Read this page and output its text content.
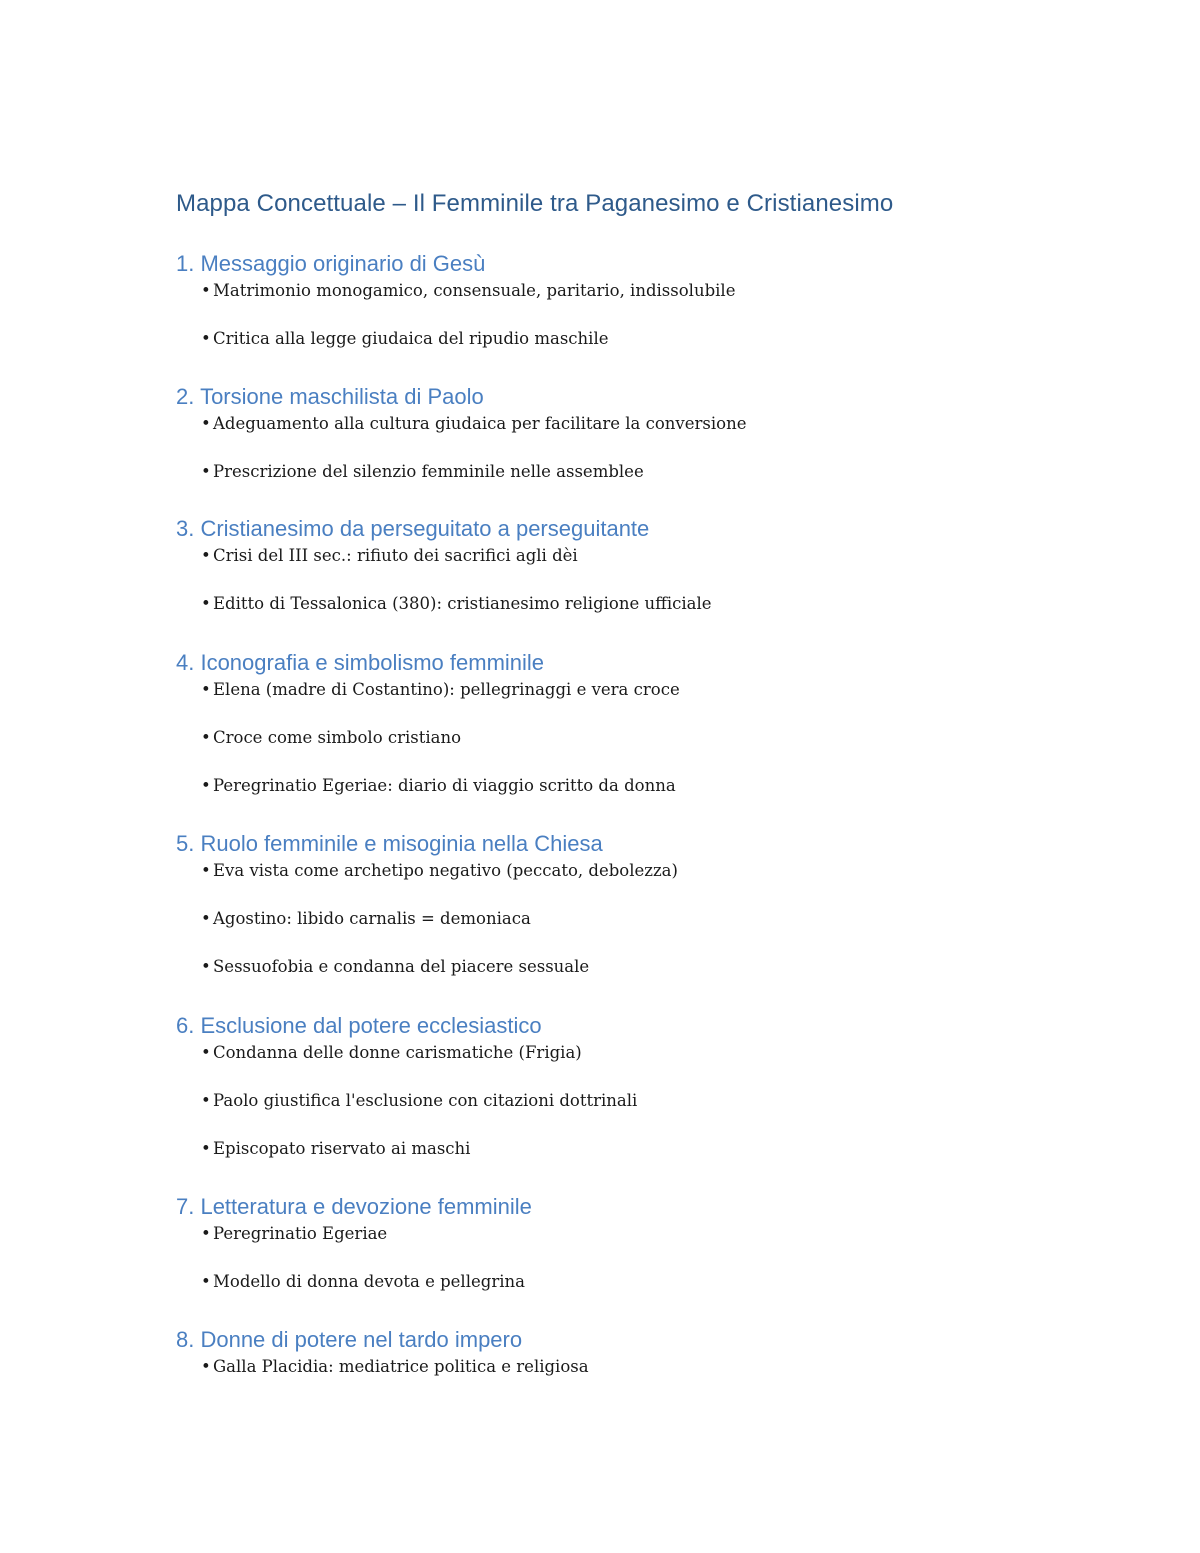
Mappa Concettuale – Il Femminile tra Paganesimo e Cristianesimo
1. Messaggio originario di Gesù
• Matrimonio monogamico, consensuale, paritario, indissolubile
• Critica alla legge giudaica del ripudio maschile
2. Torsione maschilista di Paolo
• Adeguamento alla cultura giudaica per facilitare la conversione
• Prescrizione del silenzio femminile nelle assemblee
3. Cristianesimo da perseguitato a perseguitante
• Crisi del III sec.: rifiuto dei sacrifici agli dèi
• Editto di Tessalonica (380): cristianesimo religione ufficiale
4. Iconografia e simbolismo femminile
• Elena (madre di Costantino): pellegrinaggi e vera croce
• Croce come simbolo cristiano
• Peregrinatio Egeriae: diario di viaggio scritto da donna
5. Ruolo femminile e misoginia nella Chiesa
• Eva vista come archetipo negativo (peccato, debolezza)
• Agostino: libido carnalis = demoniaca
• Sessuofobia e condanna del piacere sessuale
6. Esclusione dal potere ecclesiastico
• Condanna delle donne carismatiche (Frigia)
• Paolo giustifica l'esclusione con citazioni dottrinali
• Episcopato riservato ai maschi
7. Letteratura e devozione femminile
• Peregrinatio Egeriae
• Modello di donna devota e pellegrina
8. Donne di potere nel tardo impero
• Galla Placidia: mediatrice politica e religiosa
